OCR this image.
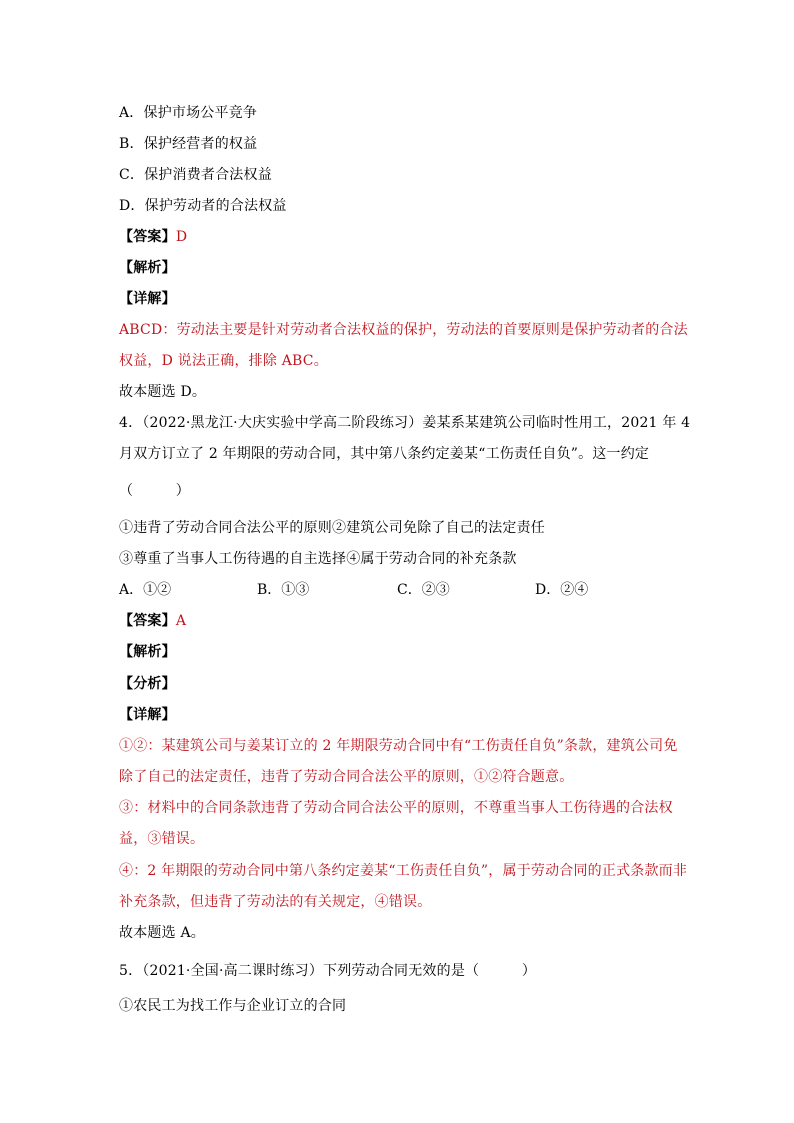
A．保护市场公平竞争
B．保护经营者的权益
C．保护消费者合法权益
D．保护劳动者的合法权益
【答案】D
【解析】
【详解】
ABCD：劳动法主要是针对劳动者合法权益的保护，劳动法的首要原则是保护劳动者的合法
权益，D 说法正确，排除 ABC。
故本题选 D。
4．（2022·黑龙江·大庆实验中学高二阶段练习）姜某系某建筑公司临时性用工，2021 年 4
月双方订立了 2 年期限的劳动合同，其中第八条约定姜某“工伤责任自负”。这一约定
（　　　）
①违背了劳动合同合法公平的原则②建筑公司免除了自己的法定责任
③尊重了当事人工伤待遇的自主选择④属于劳动合同的补充条款
A．①②	B．①③	C．②③	D．②④
【答案】A
【解析】
【分析】
【详解】
①②：某建筑公司与姜某订立的 2 年期限劳动合同中有“工伤责任自负”条款，建筑公司免
除了自己的法定责任，违背了劳动合同合法公平的原则，①②符合题意。
③：材料中的合同条款违背了劳动合同合法公平的原则，不尊重当事人工伤待遇的合法权
益，③错误。
④：2 年期限的劳动合同中第八条约定姜某“工伤责任自负”，属于劳动合同的正式条款而非
补充条款，但违背了劳动法的有关规定，④错误。
故本题选 A。
5．（2021·全国·高二课时练习）下列劳动合同无效的是（　　　）
①农民工为找工作与企业订立的合同
